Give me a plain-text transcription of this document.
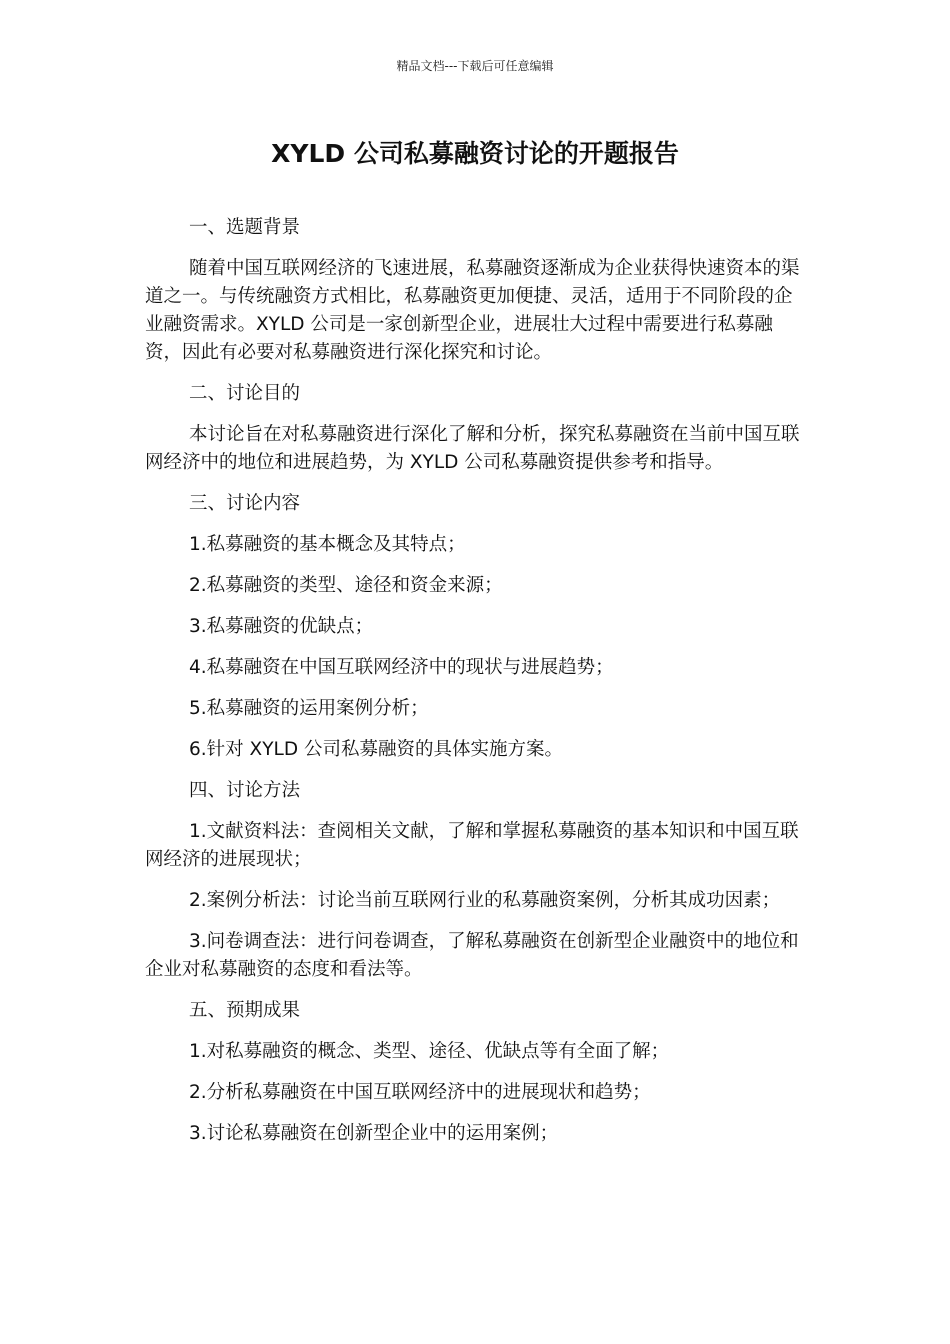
精品文档---下载后可任意编辑
XYLD 公司私募融资讨论的开题报告

一、选题背景

随着中国互联网经济的飞速进展，私募融资逐渐成为企业获得快速资本的渠道之一。与传统融资方式相比，私募融资更加便捷、灵活，适用于不同阶段的企业融资需求。XYLD 公司是一家创新型企业，进展壮大过程中需要进行私募融资，因此有必要对私募融资进行深化探究和讨论。

二、讨论目的

本讨论旨在对私募融资进行深化了解和分析，探究私募融资在当前中国互联网经济中的地位和进展趋势，为 XYLD 公司私募融资提供参考和指导。

三、讨论内容

1.私募融资的基本概念及其特点；

2.私募融资的类型、途径和资金来源；

3.私募融资的优缺点；

4.私募融资在中国互联网经济中的现状与进展趋势；

5.私募融资的运用案例分析；

6.针对 XYLD 公司私募融资的具体实施方案。

四、讨论方法

1.文献资料法：查阅相关文献，了解和掌握私募融资的基本知识和中国互联网经济的进展现状；

2.案例分析法：讨论当前互联网行业的私募融资案例，分析其成功因素；

3.问卷调查法：进行问卷调查，了解私募融资在创新型企业融资中的地位和企业对私募融资的态度和看法等。

五、预期成果

1.对私募融资的概念、类型、途径、优缺点等有全面了解；

2.分析私募融资在中国互联网经济中的进展现状和趋势；

3.讨论私募融资在创新型企业中的运用案例；
